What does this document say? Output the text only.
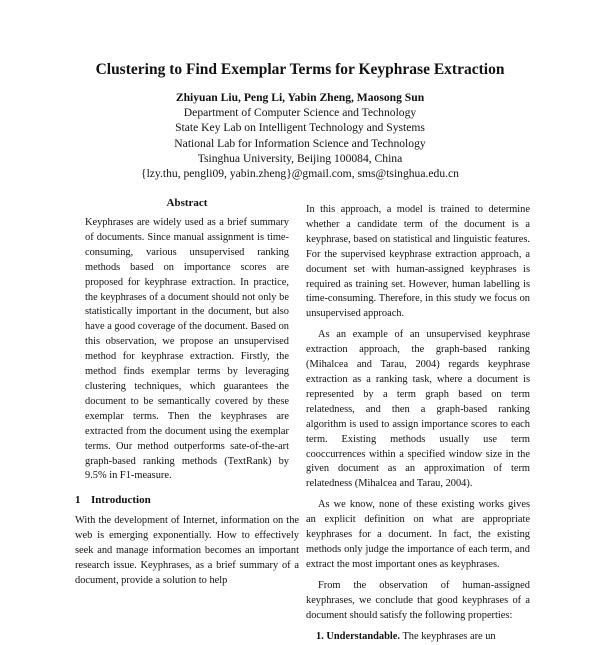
Clustering to Find Exemplar Terms for Keyphrase Extraction
Zhiyuan Liu, Peng Li, Yabin Zheng, Maosong Sun
Department of Computer Science and Technology
State Key Lab on Intelligent Technology and Systems
National Lab for Information Science and Technology
Tsinghua University, Beijing 100084, China
{lzy.thu, pengli09, yabin.zheng}@gmail.com, sms@tsinghua.edu.cn
Abstract

Keyphrases are widely used as a brief summary of documents. Since manual assignment is time-consuming, various unsupervised ranking methods based on importance scores are proposed for keyphrase extraction. In practice, the keyphrases of a document should not only be statistically important in the document, but also have a good coverage of the document. Based on this observation, we propose an unsupervised method for keyphrase extraction. Firstly, the method finds exemplar terms by leveraging clustering techniques, which guarantees the document to be semantically covered by these exemplar terms. Then the keyphrases are extracted from the document using the exemplar terms. Our method outperforms sate-of-the-art graph-based ranking methods (TextRank) by 9.5% in F1-measure.

1 Introduction

With the development of Internet, information on the web is emerging exponentially. How to effectively seek and manage information becomes an important research issue. Keyphrases, as a brief summary of a document, provide a solution to help

In this approach, a model is trained to determine whether a candidate term of the document is a keyphrase, based on statistical and linguistic features. For the supervised keyphrase extraction approach, a document set with human-assigned keyphrases is required as training set. However, human labelling is time-consuming. Therefore, in this study we focus on unsupervised approach.

As an example of an unsupervised keyphrase extraction approach, the graph-based ranking (Mihalcea and Tarau, 2004) regards keyphrase extraction as a ranking task, where a document is represented by a term graph based on term relatedness, and then a graph-based ranking algorithm is used to assign importance scores to each term. Existing methods usually use term cooccurrences within a specified window size in the given document as an approximation of term relatedness (Mihalcea and Tarau, 2004).

As we know, none of these existing works gives an explicit definition on what are appropriate keyphrases for a document. In fact, the existing methods only judge the importance of each term, and extract the most important ones as keyphrases.

From the observation of human-assigned keyphrases, we conclude that good keyphrases of a document should satisfy the following properties:

1. Understandable. The keyphrases are un
